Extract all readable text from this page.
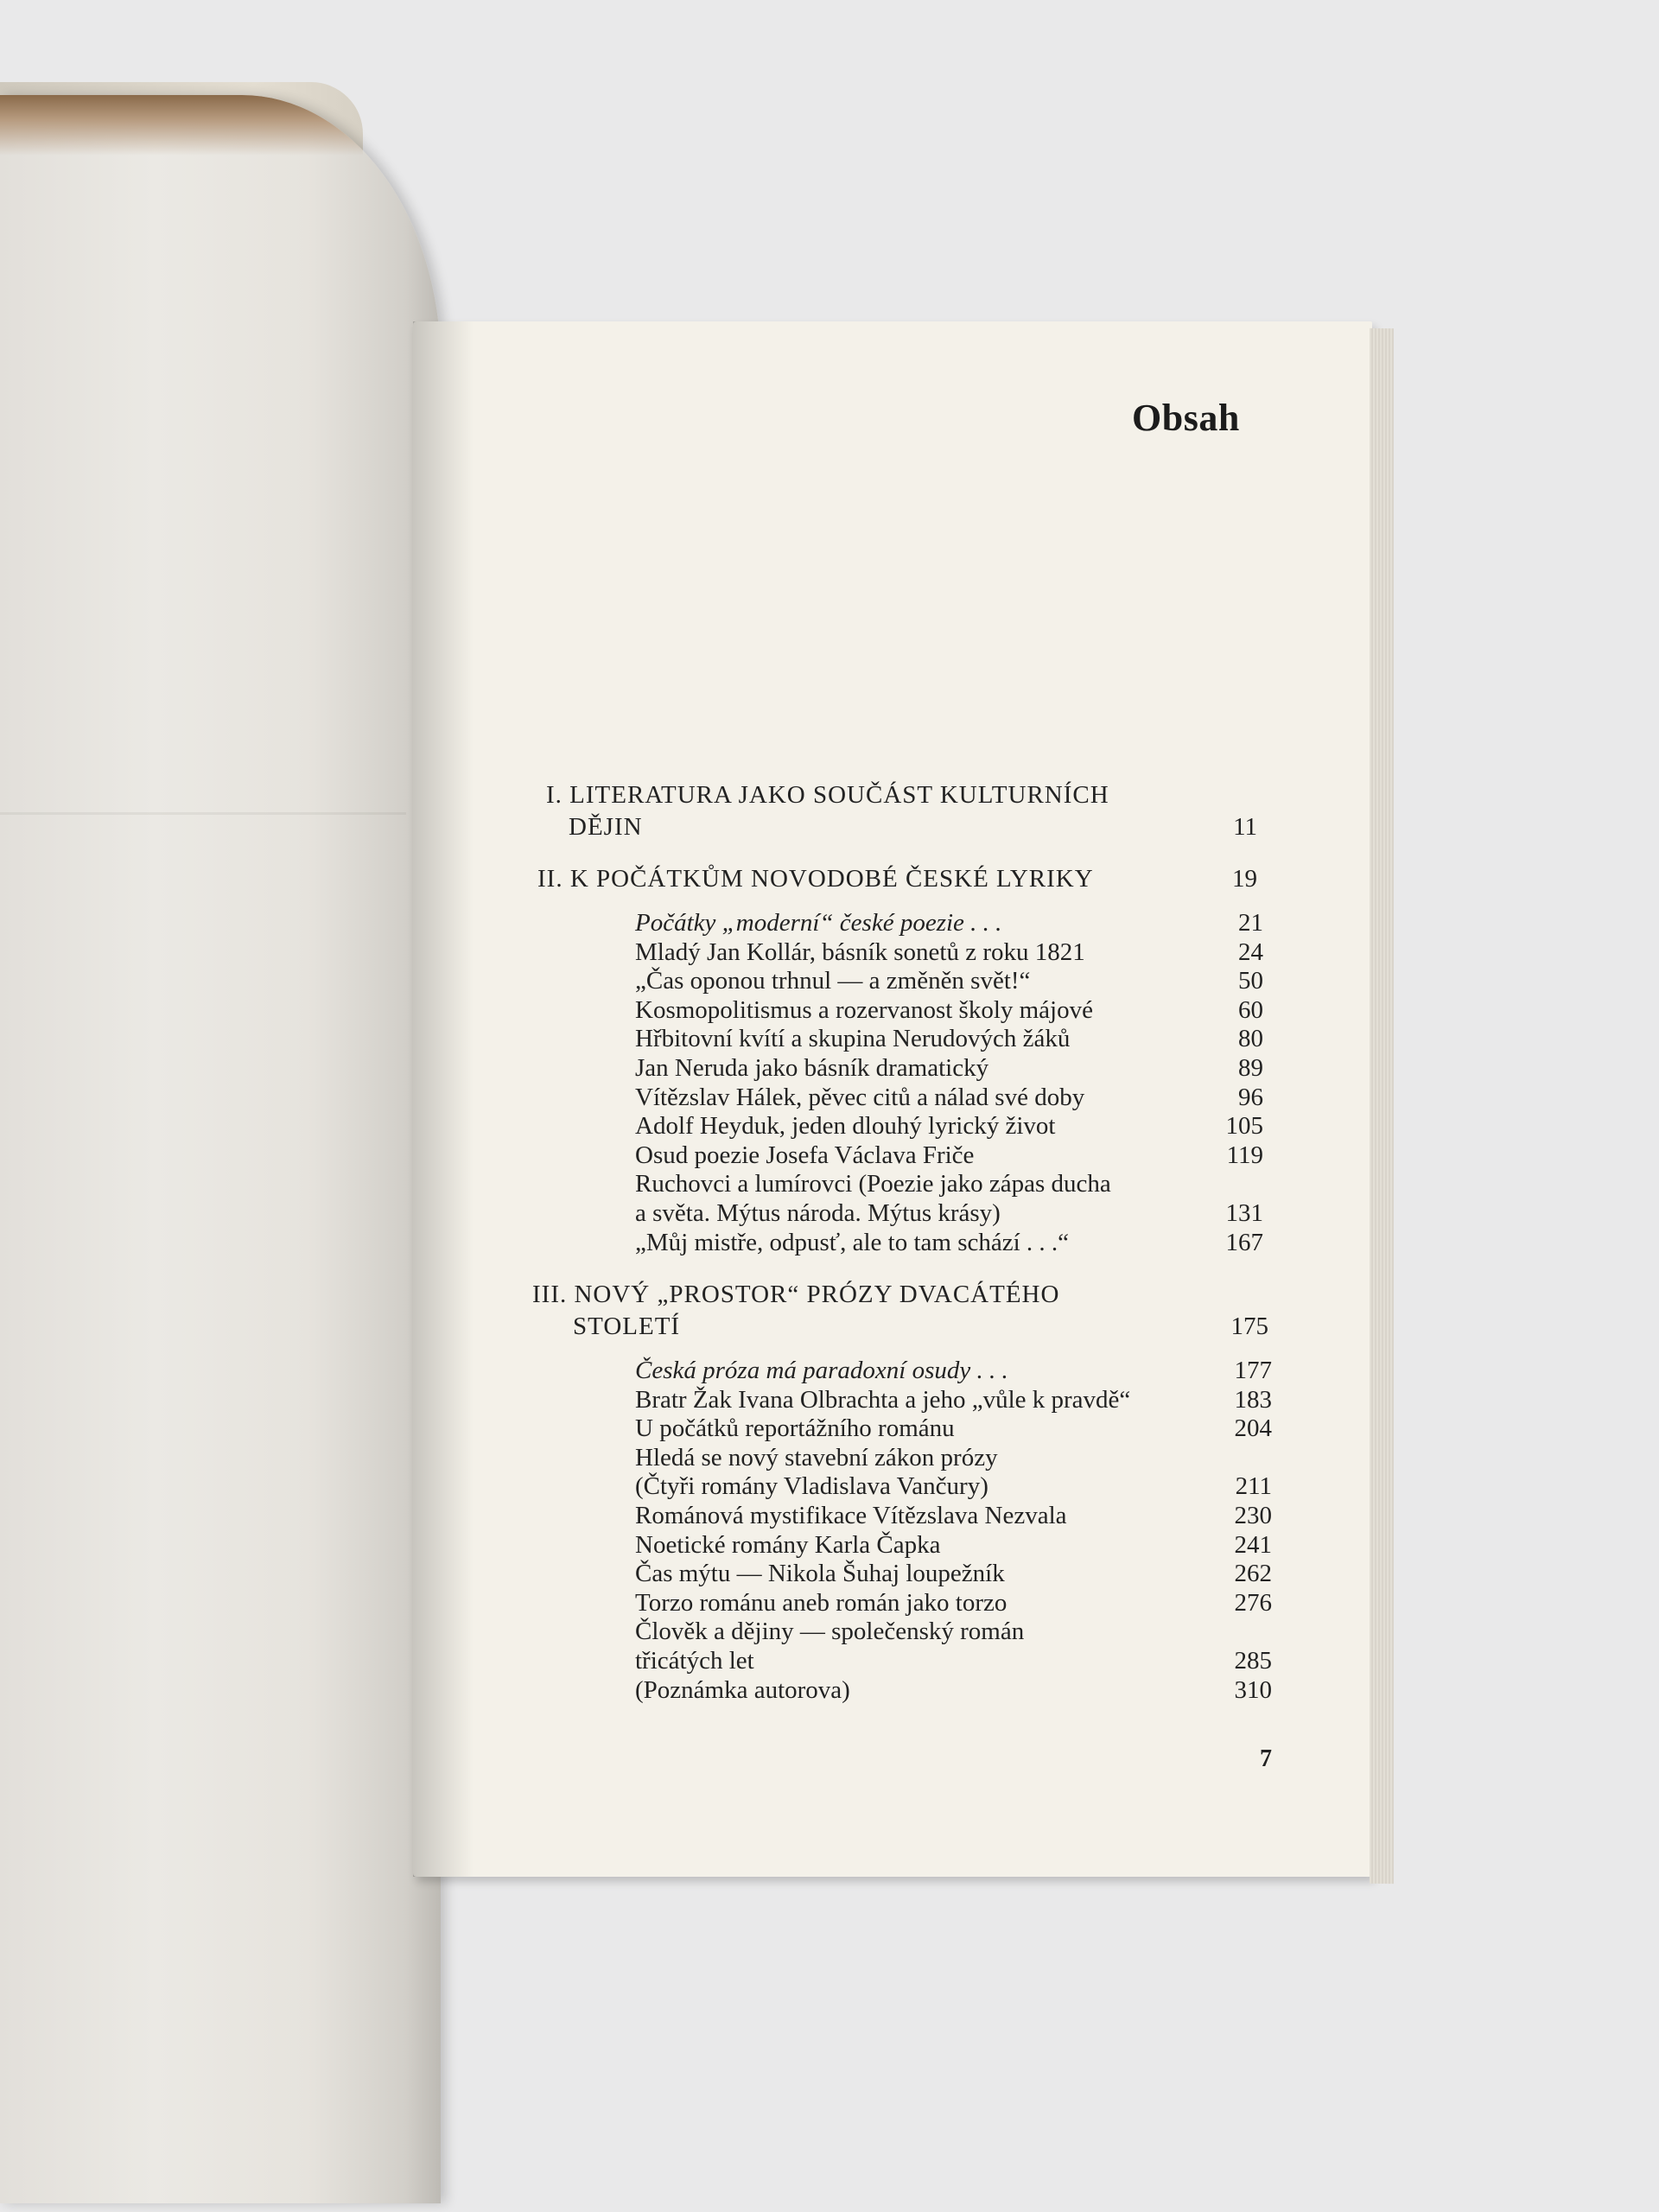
Obsah
I. LITERATURA JAKO SOUČÁST KULTURNÍCH
DĚJIN	11
II. K POČÁTKŮM NOVODOBÉ ČESKÉ LYRIKY	19
Počátky „moderní“ české poezie . . .	21
Mladý Jan Kollár, básník sonetů z roku 1821	24
„Čas oponou trhnul — a změněn svět!“	50
Kosmopolitismus a rozervanost školy májové	60
Hřbitovní kvítí a skupina Nerudových žáků	80
Jan Neruda jako básník dramatický	89
Vítězslav Hálek, pěvec citů a nálad své doby	96
Adolf Heyduk, jeden dlouhý lyrický život	105
Osud poezie Josefa Václava Friče	119
Ruchovci a lumírovci (Poezie jako zápas ducha
a světa. Mýtus národa. Mýtus krásy)	131
„Můj mistře, odpusť, ale to tam schází . . .“	167
III. NOVÝ „PROSTOR“ PRÓZY DVACÁTÉHO
STOLETÍ	175
Česká próza má paradoxní osudy . . .	177
Bratr Žak Ivana Olbrachta a jeho „vůle k pravdě“	183
U počátků reportážního románu	204
Hledá se nový stavební zákon prózy
(Čtyři romány Vladislava Vančury)	211
Románová mystifikace Vítězslava Nezvala	230
Noetické romány Karla Čapka	241
Čas mýtu — Nikola Šuhaj loupežník	262
Torzo románu aneb román jako torzo	276
Člověk a dějiny — společenský román
třicátých let	285
(Poznámka autorova)	310
7
